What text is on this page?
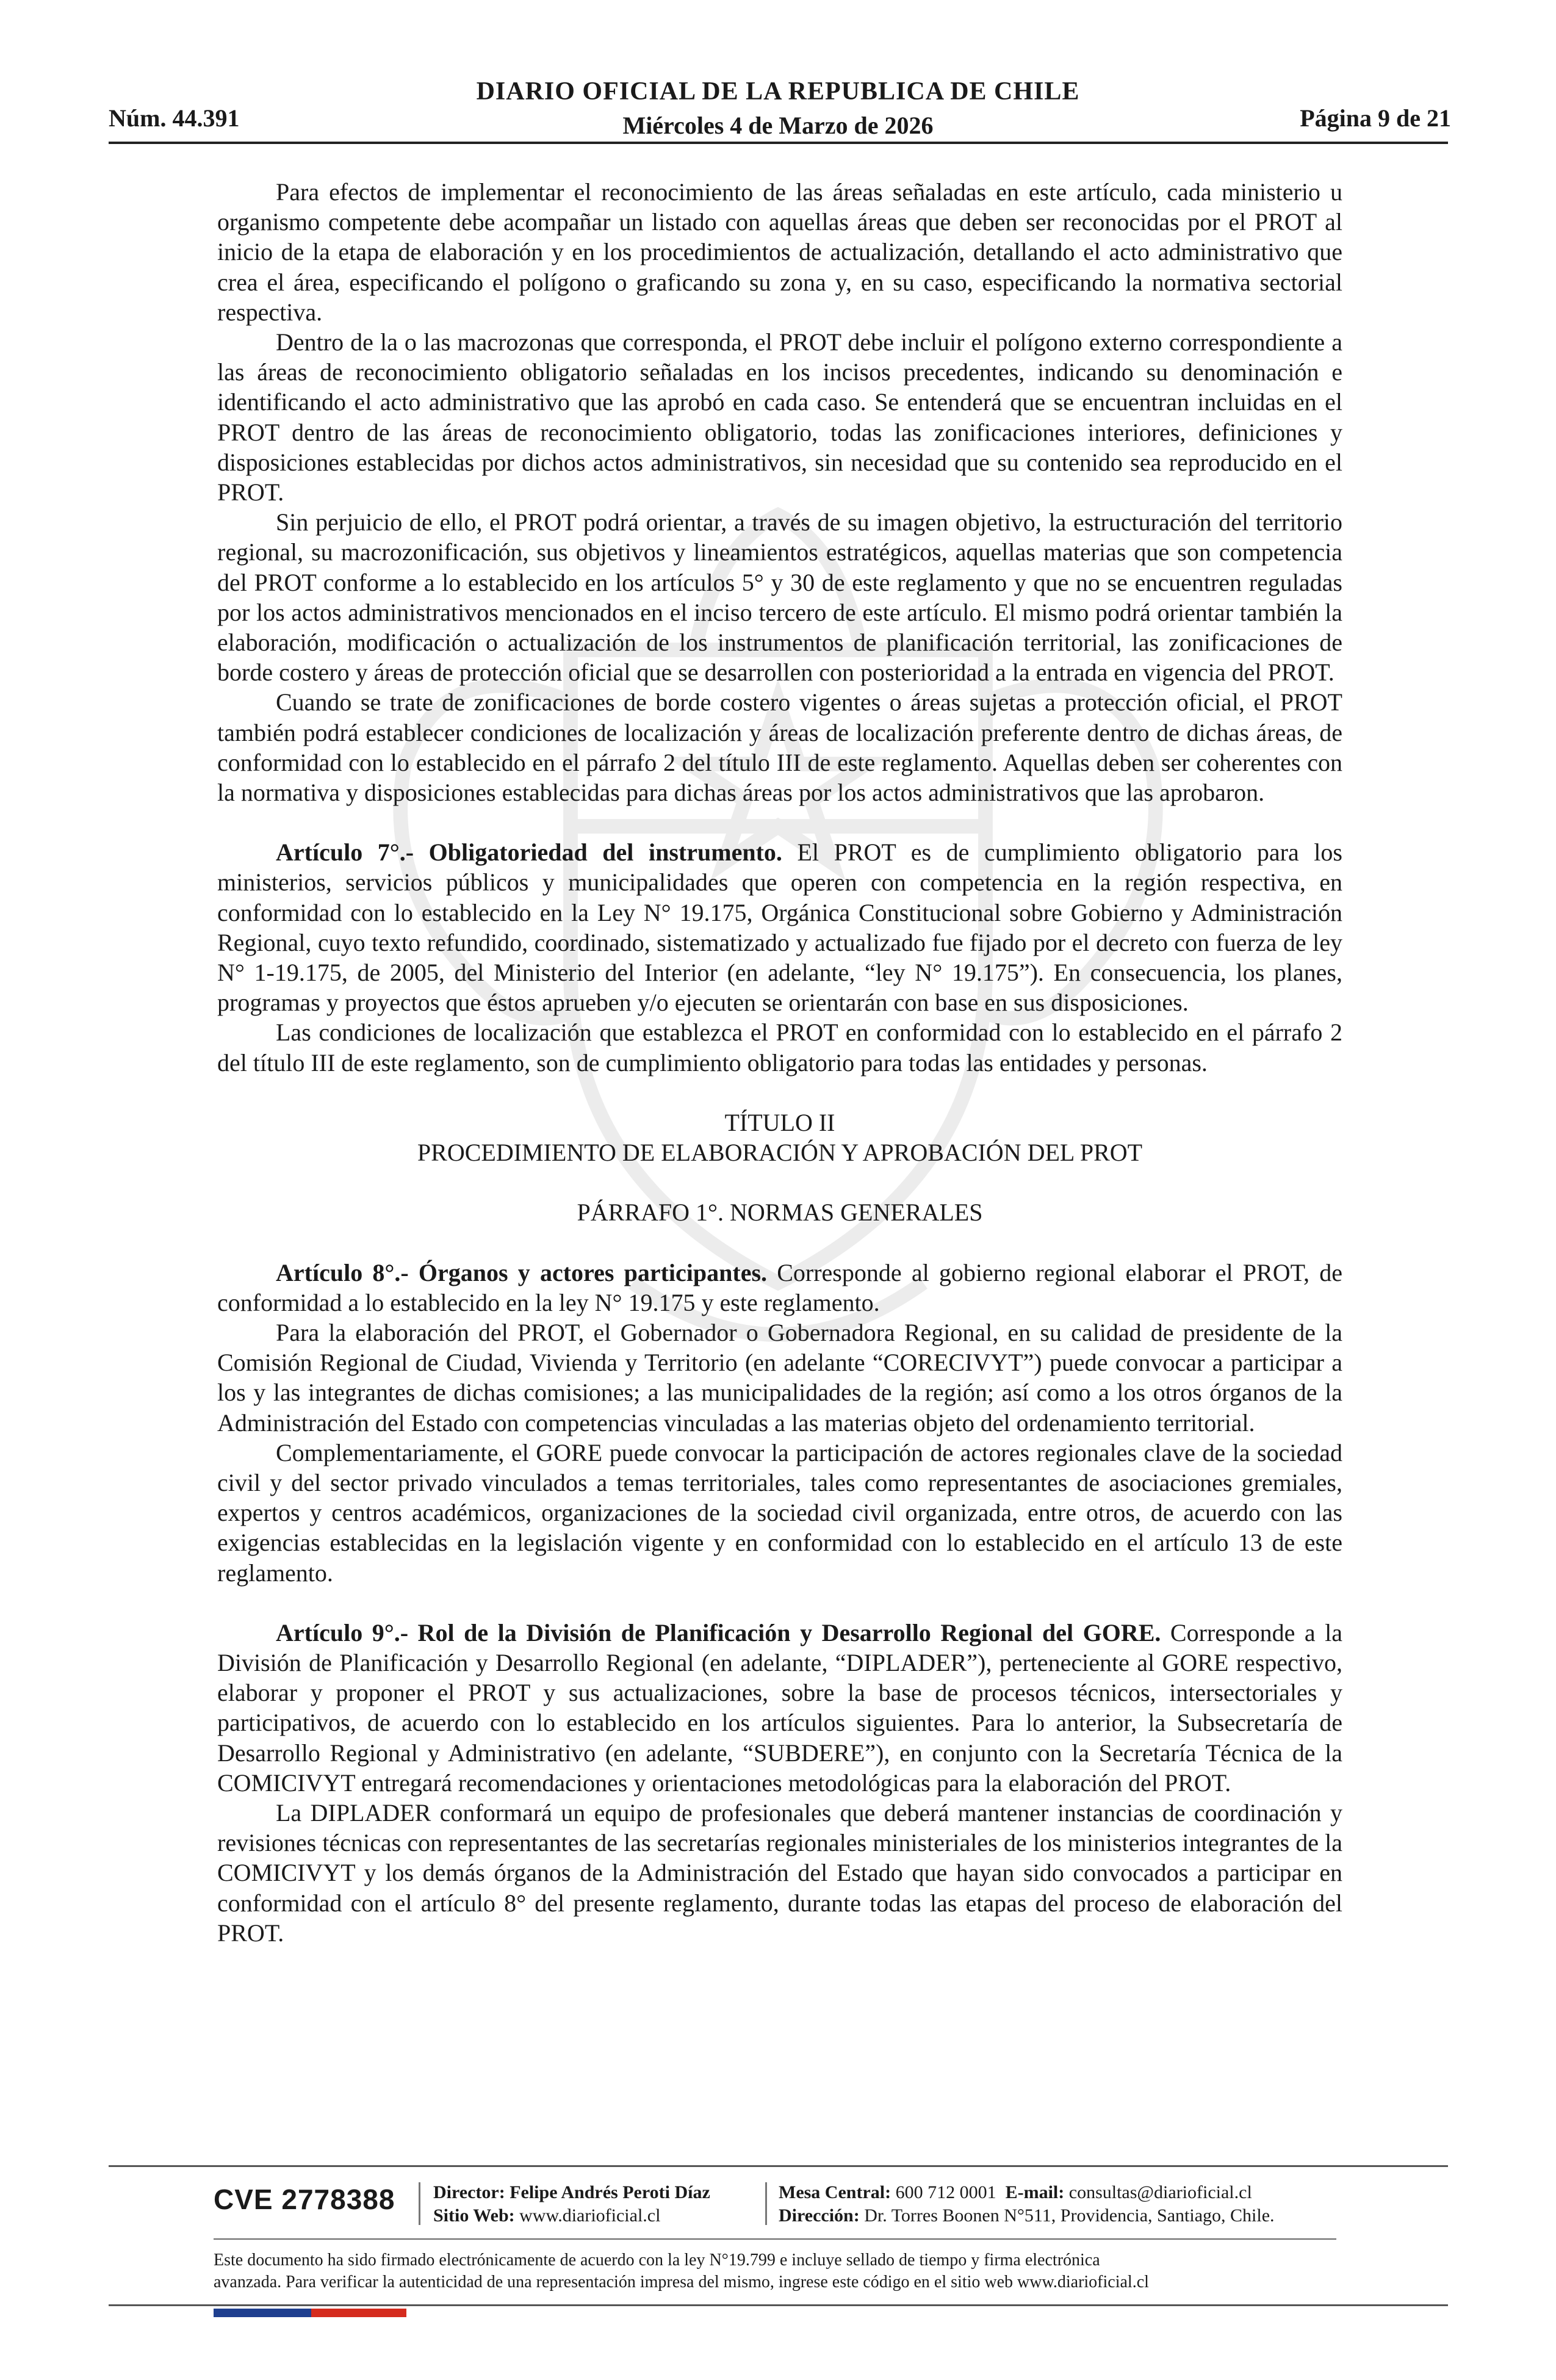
DIARIO OFICIAL DE LA REPUBLICA DE CHILE
Miércoles 4 de Marzo de 2026
Núm. 44.391	Página 9 de 21

Para efectos de implementar el reconocimiento de las áreas señaladas en este artículo, cada ministerio u organismo competente debe acompañar un listado con aquellas áreas que deben ser reconocidas por el PROT al inicio de la etapa de elaboración y en los procedimientos de actualización, detallando el acto administrativo que crea el área, especificando el polígono o graficando su zona y, en su caso, especificando la normativa sectorial respectiva.

Dentro de la o las macrozonas que corresponda, el PROT debe incluir el polígono externo correspondiente a las áreas de reconocimiento obligatorio señaladas en los incisos precedentes, indicando su denominación e identificando el acto administrativo que las aprobó en cada caso. Se entenderá que se encuentran incluidas en el PROT dentro de las áreas de reconocimiento obligatorio, todas las zonificaciones interiores, definiciones y disposiciones establecidas por dichos actos administrativos, sin necesidad que su contenido sea reproducido en el PROT.

Sin perjuicio de ello, el PROT podrá orientar, a través de su imagen objetivo, la estructuración del territorio regional, su macrozonificación, sus objetivos y lineamientos estratégicos, aquellas materias que son competencia del PROT conforme a lo establecido en los artículos 5° y 30 de este reglamento y que no se encuentren reguladas por los actos administrativos mencionados en el inciso tercero de este artículo. El mismo podrá orientar también la elaboración, modificación o actualización de los instrumentos de planificación territorial, las zonificaciones de borde costero y áreas de protección oficial que se desarrollen con posterioridad a la entrada en vigencia del PROT.

Cuando se trate de zonificaciones de borde costero vigentes o áreas sujetas a protección oficial, el PROT también podrá establecer condiciones de localización y áreas de localización preferente dentro de dichas áreas, de conformidad con lo establecido en el párrafo 2 del título III de este reglamento. Aquellas deben ser coherentes con la normativa y disposiciones establecidas para dichas áreas por los actos administrativos que las aprobaron.

Artículo 7°.- Obligatoriedad del instrumento. El PROT es de cumplimiento obligatorio para los ministerios, servicios públicos y municipalidades que operen con competencia en la región respectiva, en conformidad con lo establecido en la Ley N° 19.175, Orgánica Constitucional sobre Gobierno y Administración Regional, cuyo texto refundido, coordinado, sistematizado y actualizado fue fijado por el decreto con fuerza de ley N° 1-19.175, de 2005, del Ministerio del Interior (en adelante, “ley N° 19.175”). En consecuencia, los planes, programas y proyectos que éstos aprueben y/o ejecuten se orientarán con base en sus disposiciones.

Las condiciones de localización que establezca el PROT en conformidad con lo establecido en el párrafo 2 del título III de este reglamento, son de cumplimiento obligatorio para todas las entidades y personas.

TÍTULO II

PROCEDIMIENTO DE ELABORACIÓN Y APROBACIÓN DEL PROT

PÁRRAFO 1°. NORMAS GENERALES

Artículo 8°.- Órganos y actores participantes. Corresponde al gobierno regional elaborar el PROT, de conformidad a lo establecido en la ley N° 19.175 y este reglamento.

Para la elaboración del PROT, el Gobernador o Gobernadora Regional, en su calidad de presidente de la Comisión Regional de Ciudad, Vivienda y Territorio (en adelante “CORECIVYT”) puede convocar a participar a los y las integrantes de dichas comisiones; a las municipalidades de la región; así como a los otros órganos de la Administración del Estado con competencias vinculadas a las materias objeto del ordenamiento territorial.

Complementariamente, el GORE puede convocar la participación de actores regionales clave de la sociedad civil y del sector privado vinculados a temas territoriales, tales como representantes de asociaciones gremiales, expertos y centros académicos, organizaciones de la sociedad civil organizada, entre otros, de acuerdo con las exigencias establecidas en la legislación vigente y en conformidad con lo establecido en el artículo 13 de este reglamento.

Artículo 9°.- Rol de la División de Planificación y Desarrollo Regional del GORE. Corresponde a la División de Planificación y Desarrollo Regional (en adelante, “DIPLADER”), perteneciente al GORE respectivo, elaborar y proponer el PROT y sus actualizaciones, sobre la base de procesos técnicos, intersectoriales y participativos, de acuerdo con lo establecido en los artículos siguientes. Para lo anterior, la Subsecretaría de Desarrollo Regional y Administrativo (en adelante, “SUBDERE”), en conjunto con la Secretaría Técnica de la COMICIVYT entregará recomendaciones y orientaciones metodológicas para la elaboración del PROT.

La DIPLADER conformará un equipo de profesionales que deberá mantener instancias de coordinación y revisiones técnicas con representantes de las secretarías regionales ministeriales de los ministerios integrantes de la COMICIVYT y los demás órganos de la Administración del Estado que hayan sido convocados a participar en conformidad con el artículo 8° del presente reglamento, durante todas las etapas del proceso de elaboración del PROT.

CVE 2778388 Director: Felipe Andrés Peroti Díaz
Sitio Web: www.diarioficial.cl
Mesa Central: 600 712 0001 E-mail: consultas@diarioficial.cl
Dirección: Dr. Torres Boonen N°511, Providencia, Santiago, Chile.
Este documento ha sido firmado electrónicamente de acuerdo con la ley N°19.799 e incluye sellado de tiempo y firma electrónica
avanzada. Para verificar la autenticidad de una representación impresa del mismo, ingrese este código en el sitio web www.diarioficial.cl
